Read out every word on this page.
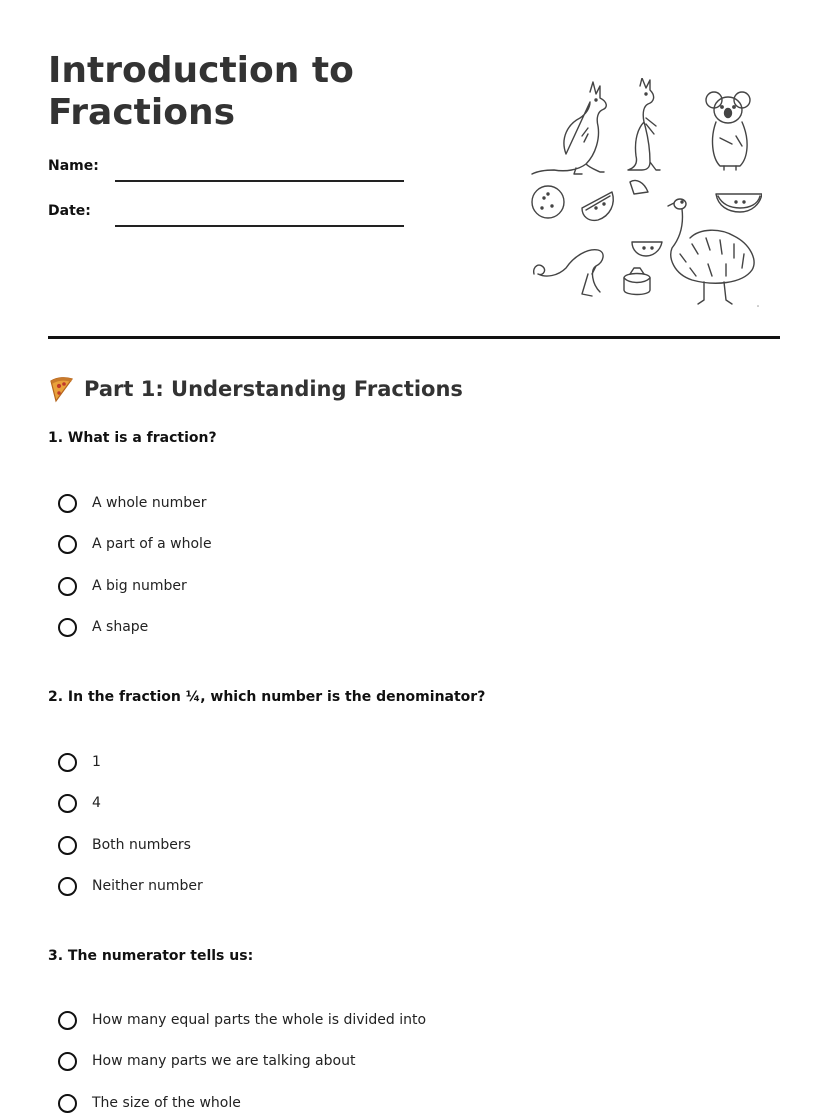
Introduction to Fractions
Name:
Date:
Part 1: Understanding Fractions
1. What is a fraction?
A whole number
A part of a whole
A big number
A shape
2. In the fraction ¼, which number is the denominator?
1
4
Both numbers
Neither number
3. The numerator tells us:
How many equal parts the whole is divided into
How many parts we are talking about
The size of the whole
